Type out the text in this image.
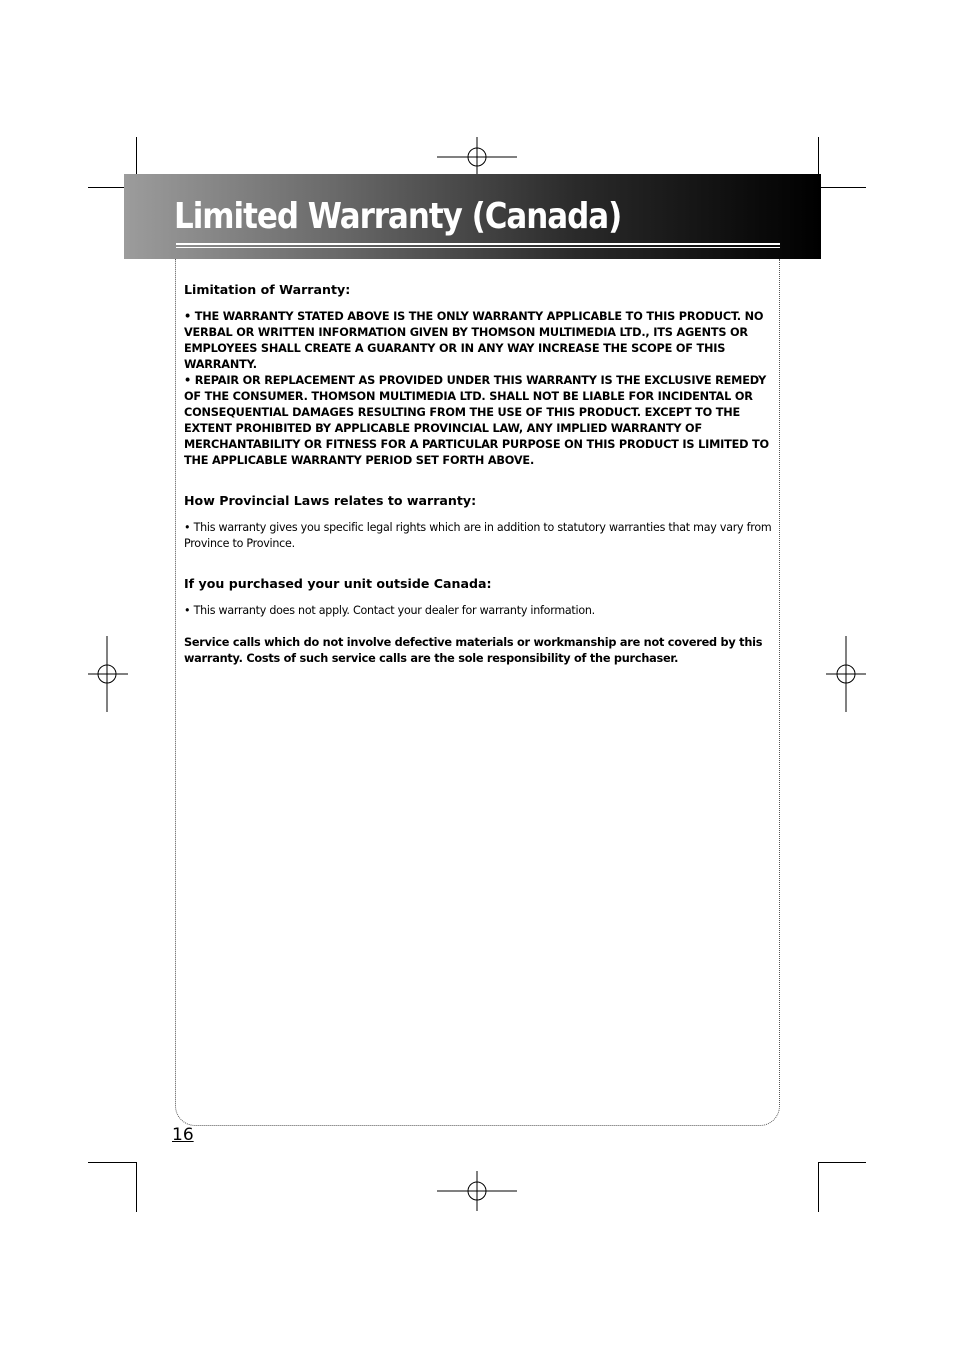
Limited Warranty (Canada)
Limitation of Warranty:

• THE WARRANTY STATED ABOVE IS THE ONLY WARRANTY APPLICABLE TO THIS PRODUCT. NO VERBAL OR WRITTEN INFORMATION GIVEN BY THOMSON MULTIMEDIA LTD., ITS AGENTS OR EMPLOYEES SHALL CREATE A GUARANTY OR IN ANY WAY INCREASE THE SCOPE OF THIS WARRANTY.

• REPAIR OR REPLACEMENT AS PROVIDED UNDER THIS WARRANTY IS THE EXCLUSIVE REMEDY OF THE CONSUMER. THOMSON MULTIMEDIA LTD. SHALL NOT BE LIABLE FOR INCIDENTAL OR CONSEQUENTIAL DAMAGES RESULTING FROM THE USE OF THIS PRODUCT. EXCEPT TO THE EXTENT PROHIBITED BY APPLICABLE PROVINCIAL LAW, ANY IMPLIED WARRANTY OF MERCHANTABILITY OR FITNESS FOR A PARTICULAR PURPOSE ON THIS PRODUCT IS LIMITED TO THE APPLICABLE WARRANTY PERIOD SET FORTH ABOVE.

How Provincial Laws relates to warranty:

• This warranty gives you specific legal rights which are in addition to statutory warranties that may vary from Province to Province.

If you purchased your unit outside Canada:

• This warranty does not apply. Contact your dealer for warranty information.

Service calls which do not involve defective materials or workmanship are not covered by this warranty. Costs of such service calls are the sole responsibility of the purchaser.

16
